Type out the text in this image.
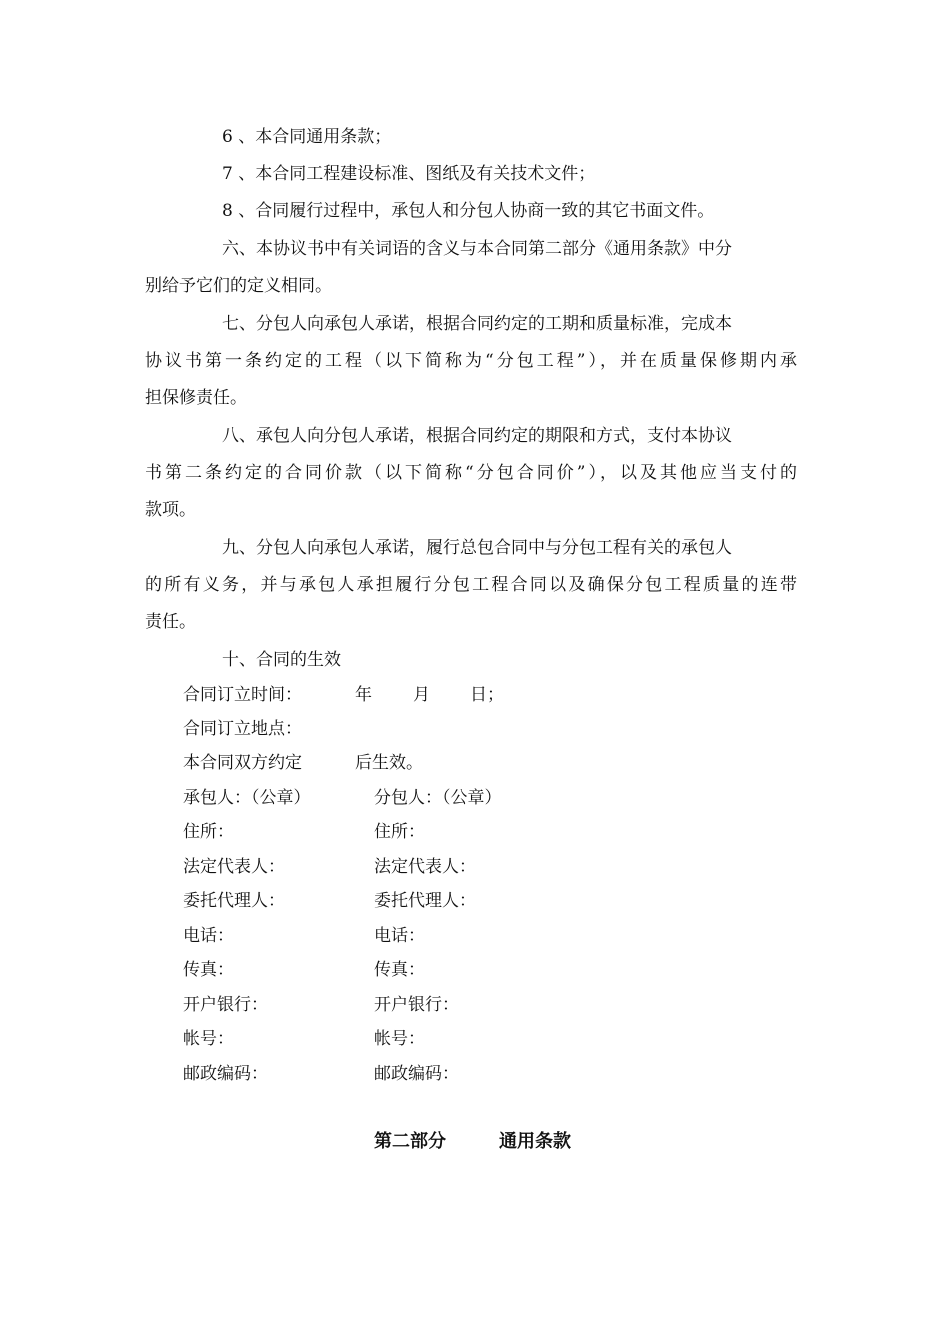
6 、本合同通用条款；
7 、本合同工程建设标准、图纸及有关技术文件；
8 、合同履行过程中，承包人和分包人协商一致的其它书面文件。
六、本协议书中有关词语的含义与本合同第二部分《通用条款》中分
别给予它们的定义相同。
七、分包人向承包人承诺，根据合同约定的工期和质量标准，完成本
协议书第一条约定的工程（以下简称为“分包工程”），并在质量保修期内承
担保修责任。
八、承包人向分包人承诺，根据合同约定的期限和方式，支付本协议
书第二条约定的合同价款（以下简称“分包合同价”），以及其他应当支付的
款项。
九、分包人向承包人承诺，履行总包合同中与分包工程有关的承包人
的所有义务，并与承包人承担履行分包工程合同以及确保分包工程质量的连带
责任。
十、合同的生效
合同订立时间：	年 月 日；
合同订立地点：
本合同双方约定	后生效。
承包人：（公章）	分包人：（公章）
住所：	住所：
法定代表人：	法定代表人：
委托代理人：	委托代理人：
电话：	电话：
传真：	传真：
开户银行：	开户银行：
帐号：	帐号：
邮政编码：	邮政编码：
第二部分	通用条款
